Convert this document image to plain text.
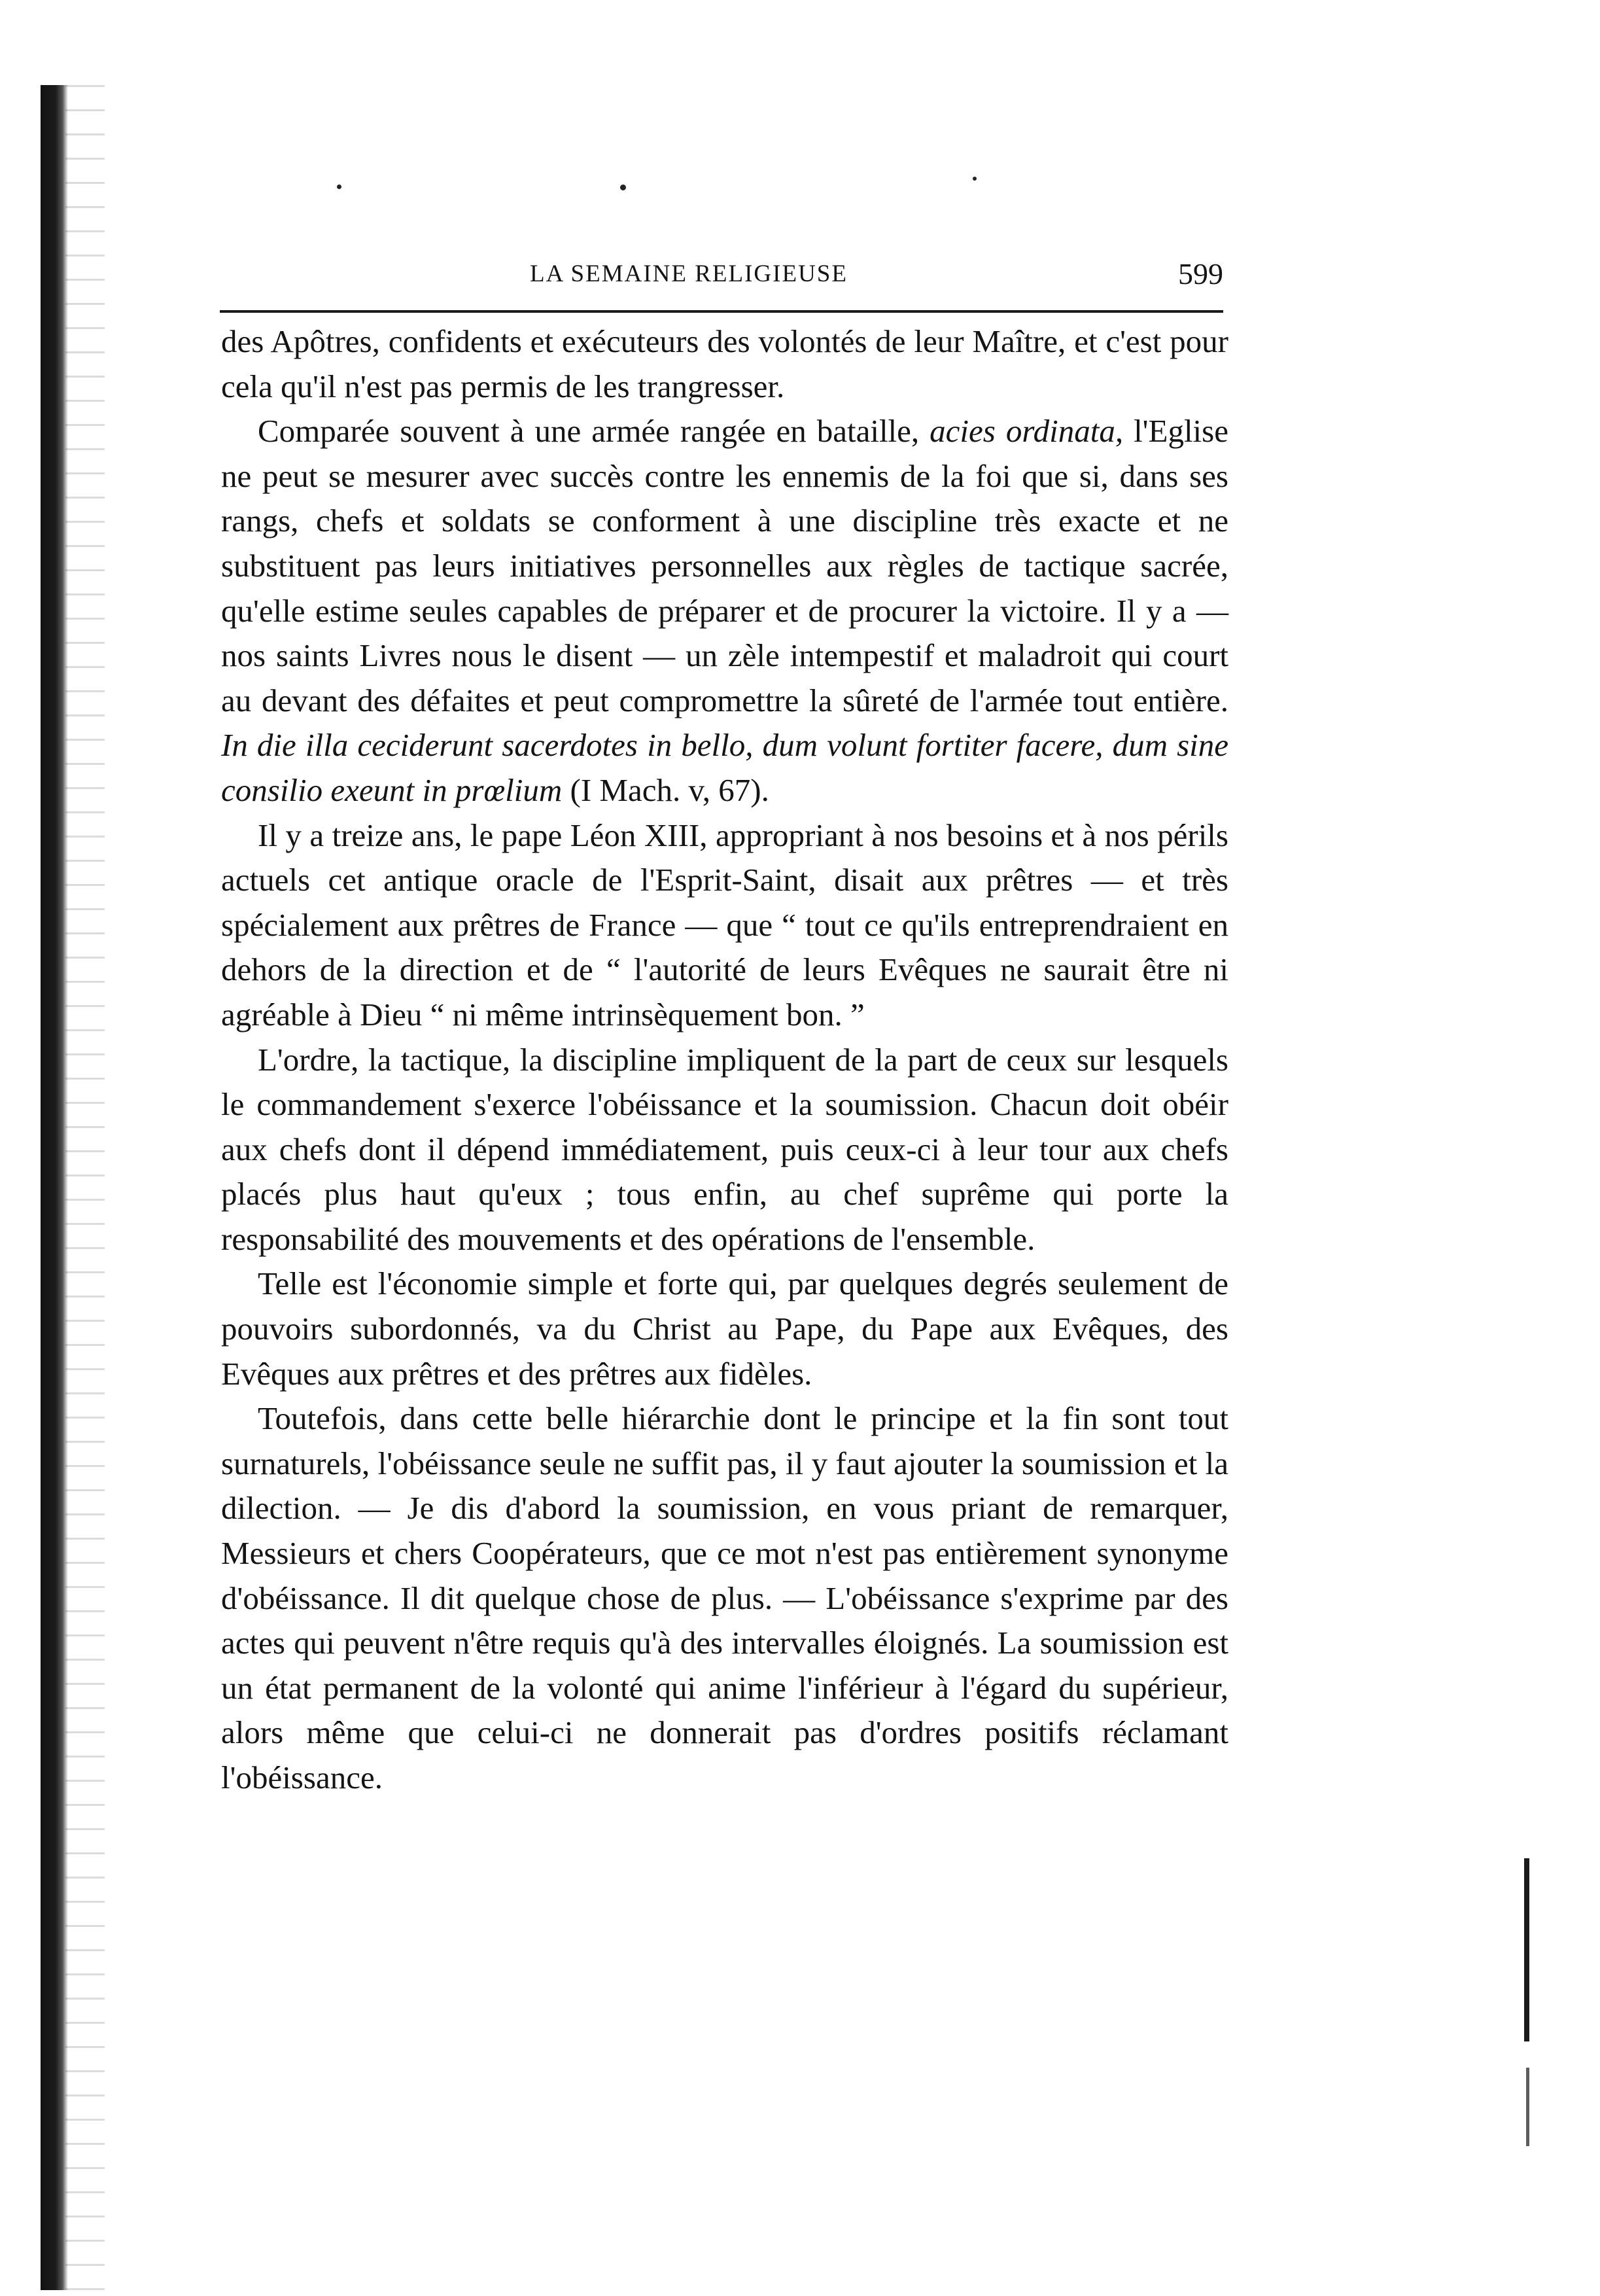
LA SEMAINE RELIGIEUSE	599

des Apôtres, confidents et exécuteurs des volontés de leur Maître, et c'est pour cela qu'il n'est pas permis de les trangresser.

Comparée souvent à une armée rangée en bataille, acies ordinata, l'Eglise ne peut se mesurer avec succès contre les ennemis de la foi que si, dans ses rangs, chefs et soldats se conforment à une discipline très exacte et ne substituent pas leurs initiatives personnelles aux règles de tactique sacrée, qu'elle estime seules capables de préparer et de procurer la victoire. Il y a — nos saints Livres nous le disent — un zèle intempestif et maladroit qui court au devant des défaites et peut compromettre la sûreté de l'armée tout entière. In die illa ceciderunt sacerdotes in bello, dum volunt fortiter facere, dum sine consilio exeunt in prœlium (I Mach. v, 67).

Il y a treize ans, le pape Léon XIII, appropriant à nos besoins et à nos périls actuels cet antique oracle de l'Esprit-Saint, disait aux prêtres — et très spécialement aux prêtres de France — que “ tout ce qu'ils entreprendraient en dehors de la direction et de “ l'autorité de leurs Evêques ne saurait être ni agréable à Dieu “ ni même intrinsèquement bon. ”

L'ordre, la tactique, la discipline impliquent de la part de ceux sur lesquels le commandement s'exerce l'obéissance et la soumission. Chacun doit obéir aux chefs dont il dépend immédiatement, puis ceux-ci à leur tour aux chefs placés plus haut qu'eux ; tous enfin, au chef suprême qui porte la responsabilité des mouvements et des opérations de l'ensemble.

Telle est l'économie simple et forte qui, par quelques degrés seulement de pouvoirs subordonnés, va du Christ au Pape, du Pape aux Evêques, des Evêques aux prêtres et des prêtres aux fidèles.

Toutefois, dans cette belle hiérarchie dont le principe et la fin sont tout surnaturels, l'obéissance seule ne suffit pas, il y faut ajouter la soumission et la dilection. — Je dis d'abord la soumission, en vous priant de remarquer, Messieurs et chers Coopérateurs, que ce mot n'est pas entièrement synonyme d'obéissance. Il dit quelque chose de plus. — L'obéissance s'exprime par des actes qui peuvent n'être requis qu'à des intervalles éloignés. La soumission est un état permanent de la volonté qui anime l'inférieur à l'égard du supérieur, alors même que celui-ci ne donnerait pas d'ordres positifs réclamant l'obéissance.
